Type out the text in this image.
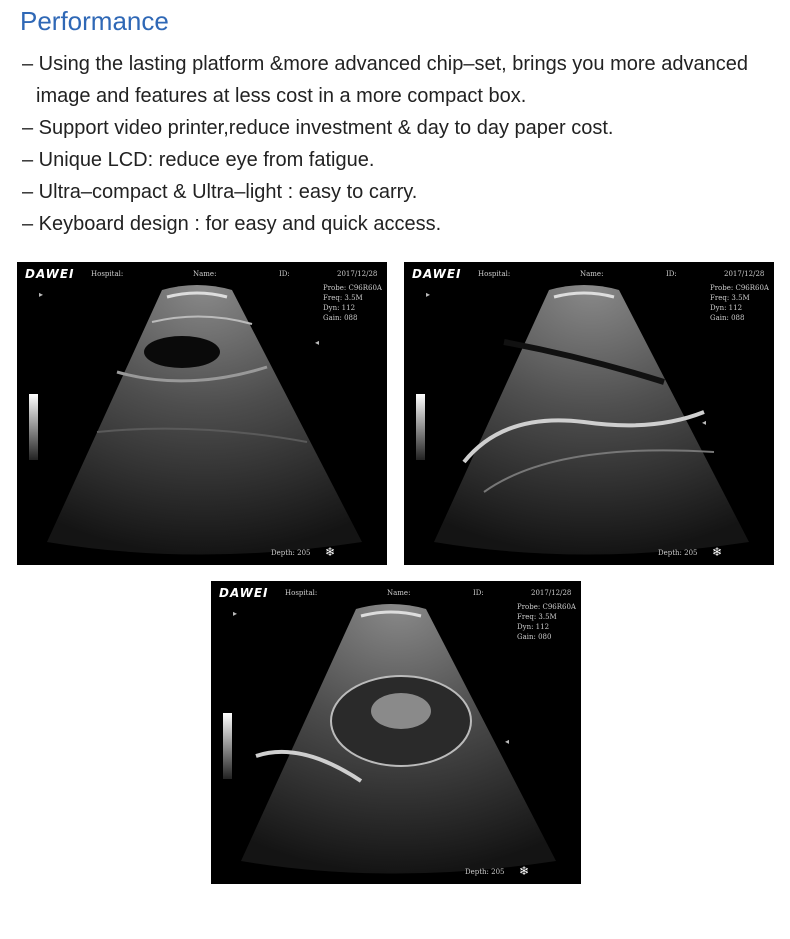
Performance
– Using the lasting platform &more advanced chip–set, brings you more advanced image and features at less cost in a more compact box.
– Support video printer,reduce investment & day to day paper cost.
– Unique LCD: reduce eye from fatigue.
– Ultra–compact & Ultra–light : easy to carry.
– Keyboard design : for easy and quick access.
DAWEI Hospital:	Name:	ID:	2017/12/28
Probe: C96R60A
Freq: 3.5M
Dyn: 112
Gain: 088
▸
◂
Depth: 205 ❄
DAWEI Hospital:	Name:	ID:	2017/12/28
Probe: C96R60A
Freq: 3.5M
Dyn: 112
Gain: 088
▸
◂
Depth: 205 ❄
DAWEI Hospital:	Name:	ID:	2017/12/28
Probe: C96R60A
Freq: 3.5M
Dyn: 112
Gain: 080
▸
◂
Depth: 205 ❄
